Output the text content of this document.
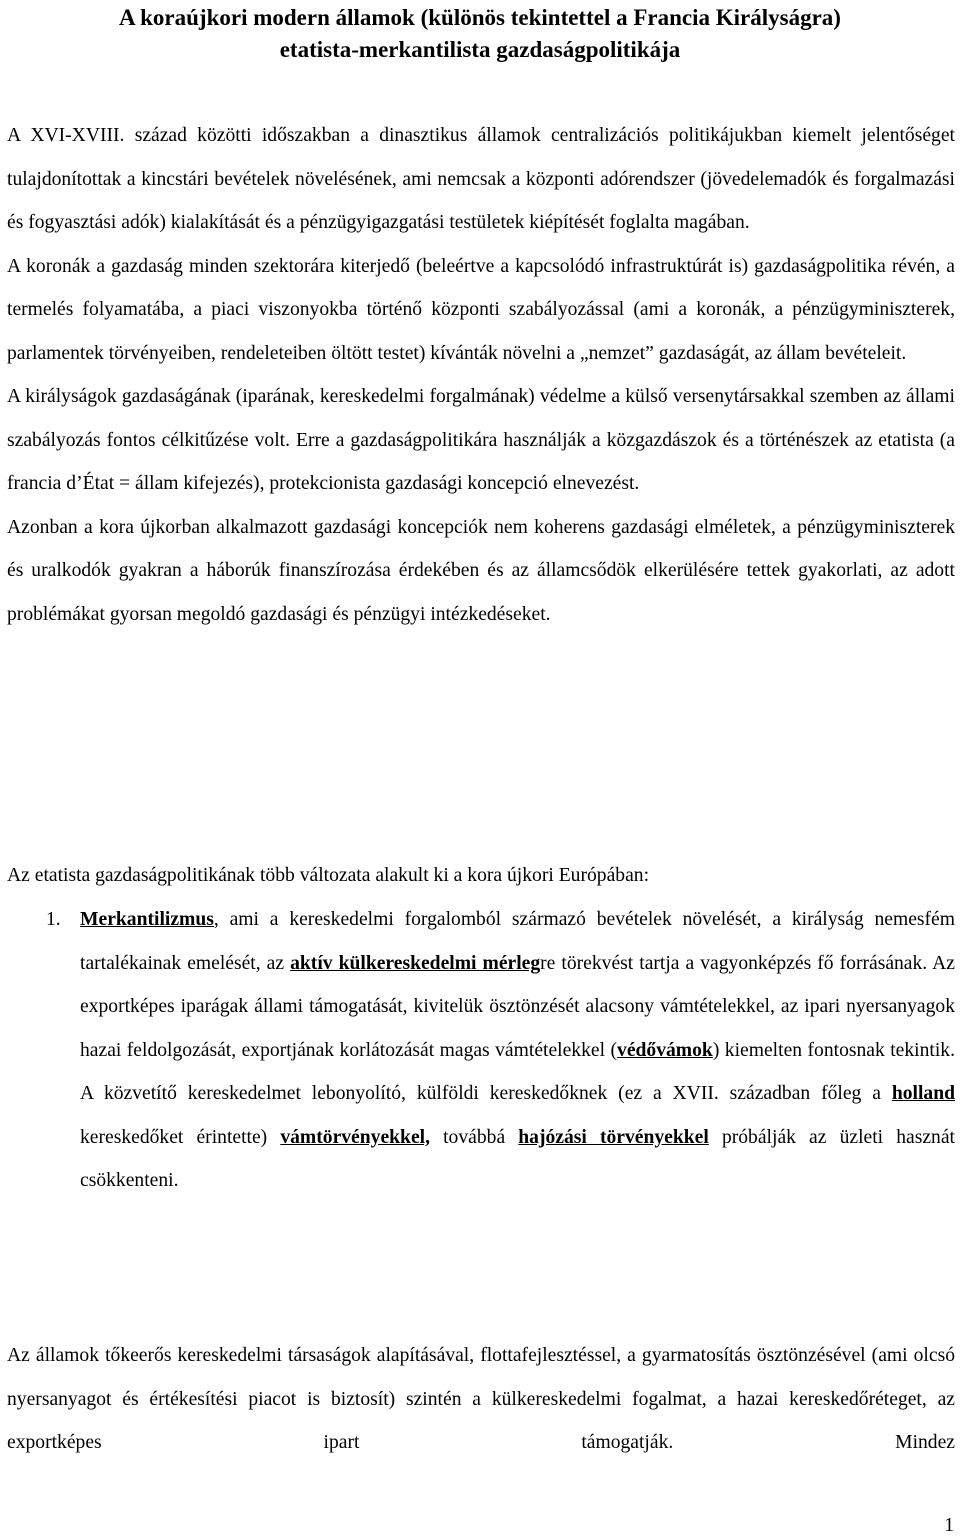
A koraújkori modern államok (különös tekintettel a Francia Királyságra)
etatista-merkantilista gazdaságpolitikája

A XVI-XVIII. század közötti időszakban a dinasztikus államok centralizációs politikájukban kiemelt jelentőséget tulajdonítottak a kincstári bevételek növelésének, ami nemcsak a központi adórendszer (jövedelemadók és forgalmazási és fogyasztási adók) kialakítását és a pénzügyigazgatási testületek kiépítését foglalta magában.

A koronák a gazdaság minden szektorára kiterjedő (beleértve a kapcsolódó infrastruktúrát is) gazdaságpolitika révén, a termelés folyamatába, a piaci viszonyokba történő központi szabályozással (ami a koronák, a pénzügyminiszterek, parlamentek törvényeiben, rendeleteiben öltött testet) kívánták növelni a „nemzet” gazdaságát, az állam bevételeit.

A királyságok gazdaságának (iparának, kereskedelmi forgalmának) védelme a külső versenytársakkal szemben az állami szabályozás fontos célkitűzése volt. Erre a gazdaságpolitikára használják a közgazdászok és a történészek az etatista (a francia d’État = állam kifejezés), protekcionista gazdasági koncepció elnevezést.

Azonban a kora újkorban alkalmazott gazdasági koncepciók nem koherens gazdasági elméletek, a pénzügyminiszterek és uralkodók gyakran a háborúk finanszírozása érdekében és az államcsődök elkerülésére tettek gyakorlati, az adott problémákat gyorsan megoldó gazdasági és pénzügyi intézkedéseket.

Az etatista gazdaságpolitikának több változata alakult ki a kora újkori Európában:

1. Merkantilizmus, ami a kereskedelmi forgalomból származó bevételek növelését, a királyság nemesfém tartalékainak emelését, az aktív külkereskedelmi mérlegre törekvést tartja a vagyonképzés fő forrásának. Az exportképes iparágak állami támogatását, kivitelük ösztönzését alacsony vámtételekkel, az ipari nyersanyagok hazai feldolgozását, exportjának korlátozását magas vámtételekkel (védővámok) kiemelten fontosnak tekintik. A közvetítő kereskedelmet lebonyolító, külföldi kereskedőknek (ez a XVII. században főleg a holland kereskedőket érintette) vámtörvényekkel, továbbá hajózási törvényekkel próbálják az üzleti hasznát csökkenteni.

Az államok tőkeerős kereskedelmi társaságok alapításával, flottafejlesztéssel, a gyarmatosítás ösztönzésével (ami olcsó nyersanyagot és értékesítési piacot is biztosít) szintén a külkereskedelmi fogalmat, a hazai kereskedőréteget, az exportképes ipart támogatják. Mindez

1
